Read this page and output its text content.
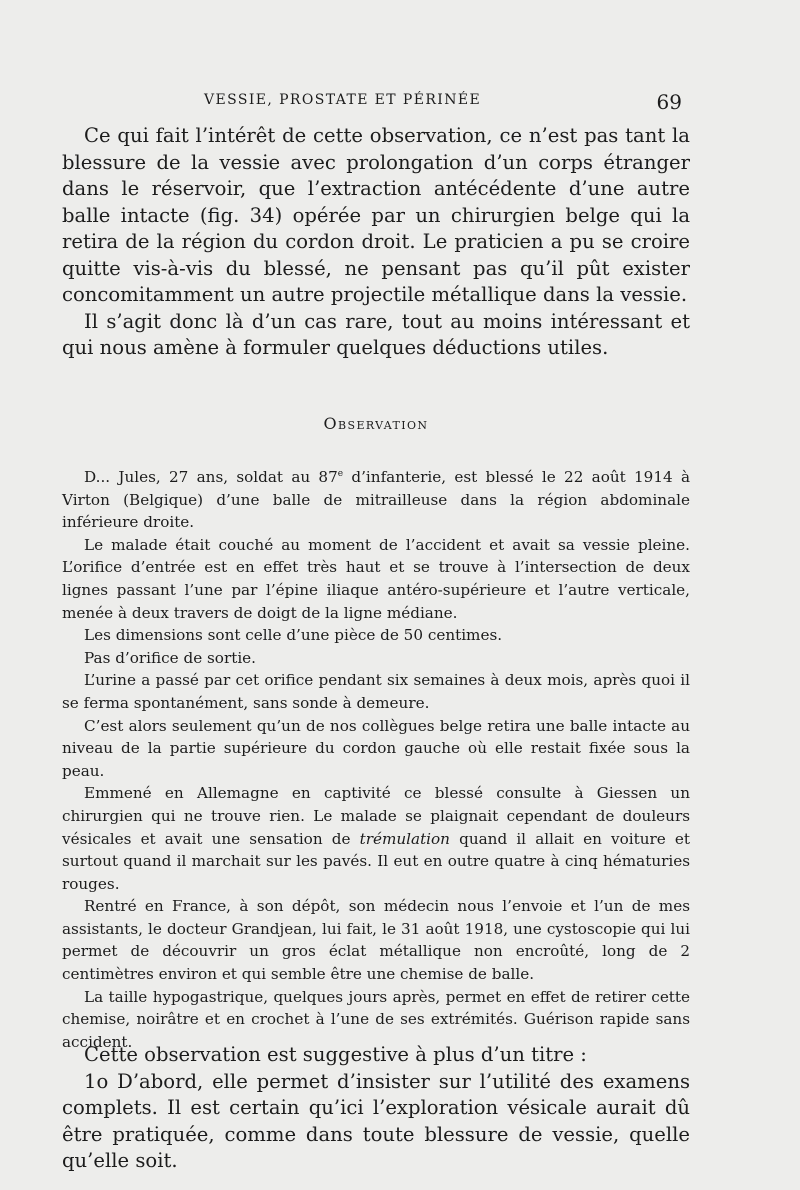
VESSIE, PROSTATE ET PÉRINÉE	69

Ce qui fait l’intérêt de cette observation, ce n’est pas tant la blessure de la vessie avec prolongation d’un corps étranger dans le réservoir, que l’extraction antécédente d’une autre balle intacte (fig. 34) opérée par un chirurgien belge qui la retira de la région du cordon droit. Le praticien a pu se croire quitte vis-à-vis du blessé, ne pensant pas qu’il pût exister concomitamment un autre projectile métallique dans la vessie.

Il s’agit donc là d’un cas rare, tout au moins intéressant et qui nous amène à formuler quelques déductions utiles.

Observation

D... Jules, 27 ans, soldat au 87e d’infanterie, est blessé le 22 août 1914 à Virton (Belgique) d’une balle de mitrailleuse dans la région abdominale inférieure droite.

Le malade était couché au moment de l’accident et avait sa vessie pleine. L’orifice d’entrée est en effet très haut et se trouve à l’intersection de deux lignes passant l’une par l’épine iliaque antéro-supérieure et l’autre verticale, menée à deux travers de doigt de la ligne médiane.

Les dimensions sont celle d’une pièce de 50 centimes.

Pas d’orifice de sortie.

L’urine a passé par cet orifice pendant six semaines à deux mois, après quoi il se ferma spontanément, sans sonde à demeure.

C’est alors seulement qu’un de nos collègues belge retira une balle intacte au niveau de la partie supérieure du cordon gauche où elle restait fixée sous la peau.

Emmené en Allemagne en captivité ce blessé consulte à Giessen un chirurgien qui ne trouve rien. Le malade se plaignait cependant de douleurs vésicales et avait une sensation de trémulation quand il allait en voiture et surtout quand il marchait sur les pavés. Il eut en outre quatre à cinq hématuries rouges.

Rentré en France, à son dépôt, son médecin nous l’envoie et l’un de mes assistants, le docteur Grandjean, lui fait, le 31 août 1918, une cystoscopie qui lui permet de découvrir un gros éclat métallique non encroûté, long de 2 centimètres environ et qui semble être une chemise de balle.

La taille hypogastrique, quelques jours après, permet en effet de retirer cette chemise, noirâtre et en crochet à l’une de ses extrémités. Guérison rapide sans accident.

Cette observation est suggestive à plus d’un titre :

1o D’abord, elle permet d’insister sur l’utilité des examens complets. Il est certain qu’ici l’exploration vésicale aurait dû être pratiquée, comme dans toute blessure de vessie, quelle qu’elle soit.
